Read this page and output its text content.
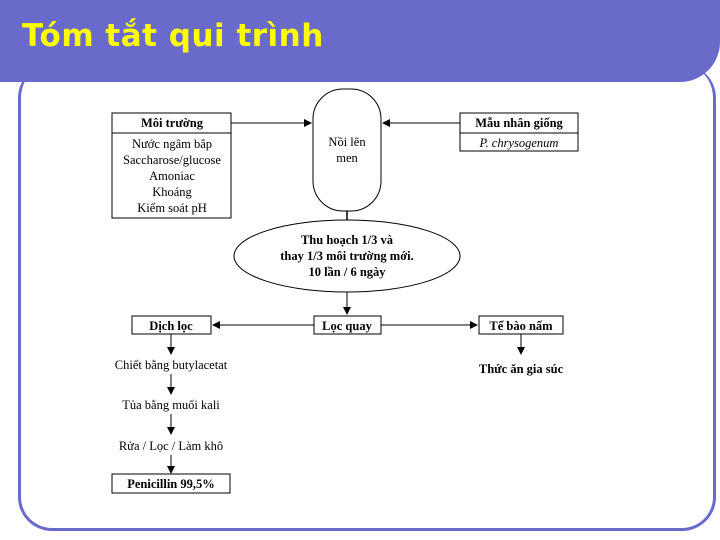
Tóm tắt qui trình
Môi trường
Nước ngâm bắp
Saccharose/glucose
Amoniac
Khoáng
Kiểm soát pH
Mẫu nhân giống
P. chrysogenum
Nồi lên
men
Thu hoạch 1/3 và
thay 1/3 môi trường mới.
10 lần / 6 ngày
Lọc quay
Dịch lọc	Tế bào nấm
Chiết bằng butylacetat
Tủa bằng muối kali
Rửa / Lọc / Làm khô
Penicillin 99,5%
Thức ăn gia súc
